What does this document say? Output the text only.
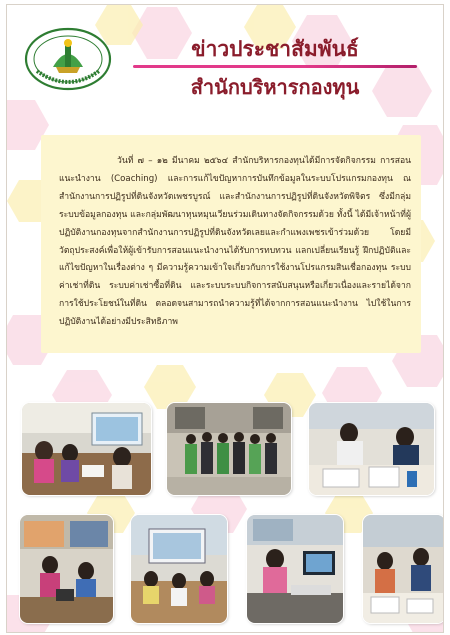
ข่าวประชาสัมพันธ์
สำนักบริหารกองทุน
วันที่ ๗ – ๑๒ มีนาคม ๒๕๖๔ สำนักบริหารกองทุนได้มีการจัดกิจกรรม การสอนแนะนำงาน (Coaching) และการแก้ไขปัญหาการบันทึกข้อมูลในระบบโปรแกรมกองทุน ณ สำนักงานการปฏิรูปที่ดินจังหวัดเพชรบูรณ์ และสำนักงานการปฏิรูปที่ดินจังหวัดพิจิตร ซึ่งมีกลุ่มระบบข้อมูลกองทุน และกลุ่มพัฒนาทุนหมุนเวียนร่วมเดินทางจัดกิจกรรมด้วย ทั้งนี้ ได้มีเจ้าหน้าที่ผู้ปฏิบัติงานกองทุนจากสำนักงานการปฏิรูปที่ดินจังหวัดเลยและกำแพงเพชรเข้าร่วมด้วย โดยมีวัตถุประสงค์เพื่อให้ผู้เข้ารับการสอนแนะนำงานได้รับการทบทวน แลกเปลี่ยนเรียนรู้ ฝึกปฏิบัติและแก้ไขปัญหาในเรื่องต่าง ๆ มีความรู้ความเข้าใจเกี่ยวกับการใช้งานโปรแกรมสินเชื่อกองทุน ระบบค่าเช่าที่ดิน ระบบค่าเช่าซื้อที่ดิน และระบบระบบกิจการสนับสนุนหรือเกี่ยวเนื่องและรายได้จากการใช้ประโยชน์ในที่ดิน ตลอดจนสามารถนำความรู้ที่ได้จากการสอนแนะนำงาน ไปใช้ในการปฏิบัติงานได้อย่างมีประสิทธิภาพ
